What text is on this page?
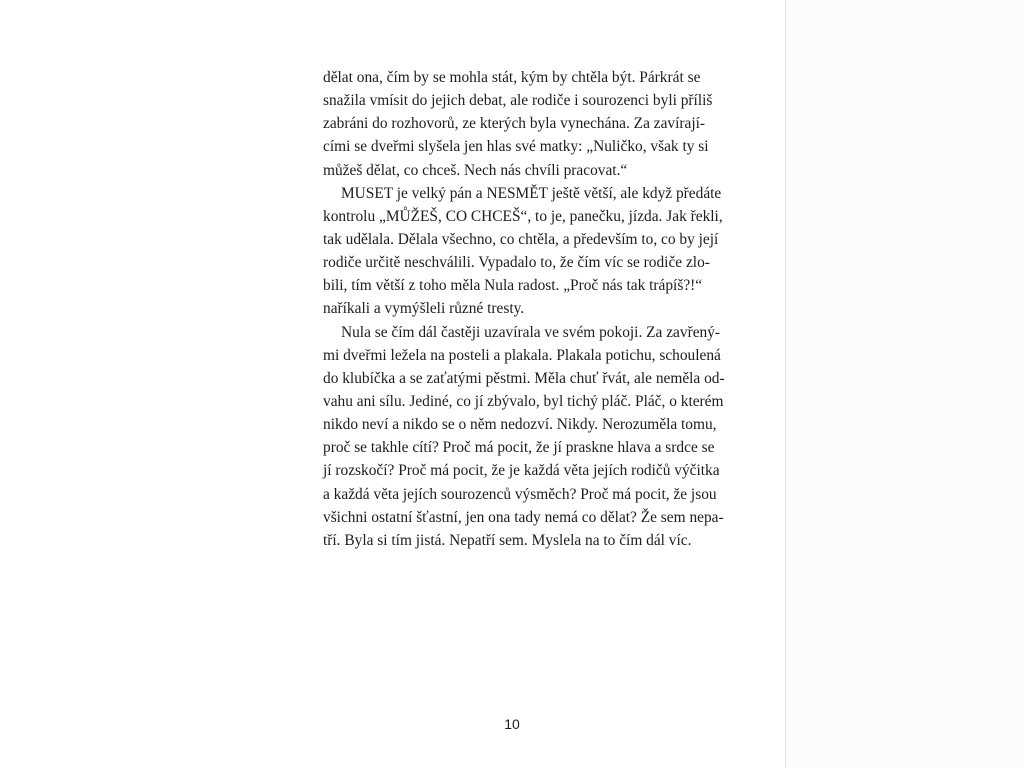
dělat ona, čím by se mohla stát, kým by chtěla být. Párkrát se
snažila vmísit do jejich debat, ale rodiče i sourozenci byli příliš
zabráni do rozhovorů, ze kterých byla vynechána. Za zavírají-
cími se dveřmi slyšela jen hlas své matky: „Nuličko, však ty si
můžeš dělat, co chceš. Nech nás chvíli pracovat.“
MUSET je velký pán a NESMĚT ještě větší, ale když předáte
kontrolu „MŮŽEŠ, CO CHCEŠ“, to je, panečku, jízda. Jak řekli,
tak udělala. Dělala všechno, co chtěla, a především to, co by její
rodiče určitě neschválili. Vypadalo to, že čím víc se rodiče zlo-
bili, tím větší z toho měla Nula radost. „Proč nás tak trápíš?!“
naříkali a vymýšleli různé tresty.
Nula se čím dál častěji uzavírala ve svém pokoji. Za zavřený-
mi dveřmi ležela na posteli a plakala. Plakala potichu, schoulená
do klubíčka a se zaťatými pěstmi. Měla chuť řvát, ale neměla od-
vahu ani sílu. Jediné, co jí zbývalo, byl tichý pláč. Pláč, o kterém
nikdo neví a nikdo se o něm nedozví. Nikdy. Nerozuměla tomu,
proč se takhle cítí? Proč má pocit, že jí praskne hlava a srdce se
jí rozskočí? Proč má pocit, že je každá věta jejích rodičů výčitka
a každá věta jejích sourozenců výsměch? Proč má pocit, že jsou
všichni ostatní šťastní, jen ona tady nemá co dělat? Že sem nepa-
tří. Byla si tím jistá. Nepatří sem. Myslela na to čím dál víc.
10
